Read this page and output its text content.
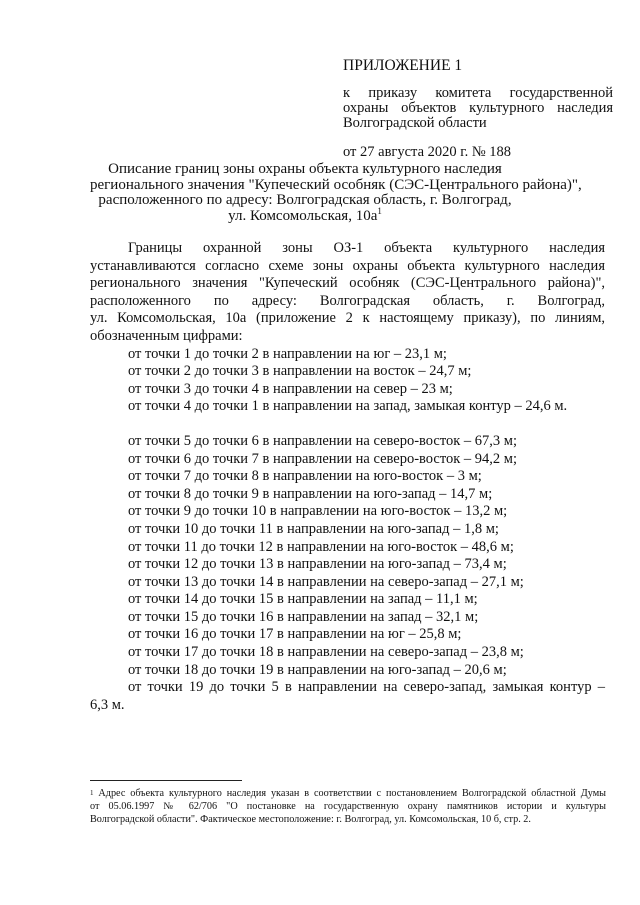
ПРИЛОЖЕНИЕ 1
к приказу комитета государственной
охраны объектов культурного наследия
Волгоградской области
от 27 августа 2020 г. № 188
Описание границ зоны охраны объекта культурного наследия
регионального значения "Купеческий особняк (СЭС-Центрального района)",
расположенного по адресу: Волгоградская область, г. Волгоград,
ул. Комсомольская, $10а^1$
Границы охранной зоны ОЗ-1 объекта культурного наследия
устанавливаются согласно схеме зоны охраны объекта культурного наследия
регионального значения "Купеческий особняк (СЭС-Центрального района)",
расположенного по адресу: Волгоградская область, г. Волгоград,
ул. Комсомольская, 10а (приложение 2 к настоящему приказу), по линиям,
обозначенным цифрами:
от точки 1 до точки 2 в направлении на юг – 23,1 м;
от точки 2 до точки 3 в направлении на восток – 24,7 м;
от точки 3 до точки 4 в направлении на север – 23 м;
от точки 4 до точки 1 в направлении на запад, замыкая контур – 24,6 м.
от точки 5 до точки 6 в направлении на северо-восток – 67,3 м;
от точки 6 до точки 7 в направлении на северо-восток – 94,2 м;
от точки 7 до точки 8 в направлении на юго-восток – 3 м;
от точки 8 до точки 9 в направлении на юго-запад – 14,7 м;
от точки 9 до точки 10 в направлении на юго-восток – 13,2 м;
от точки 10 до точки 11 в направлении на юго-запад – 1,8 м;
от точки 11 до точки 12 в направлении на юго-восток – 48,6 м;
от точки 12 до точки 13 в направлении на юго-запад – 73,4 м;
от точки 13 до точки 14 в направлении на северо-запад – 27,1 м;
от точки 14 до точки 15 в направлении на запад – 11,1 м;
от точки 15 до точки 16 в направлении на запад – 32,1 м;
от точки 16 до точки 17 в направлении на юг – 25,8 м;
от точки 17 до точки 18 в направлении на северо-запад – 23,8 м;
от точки 18 до точки 19 в направлении на юго-запад – 20,6 м;
от точки 19 до точки 5 в направлении на северо-запад, замыкая контур –
6,3 м.
$^1$ Адрес объекта культурного наследия указан в соответствии с постановлением Волгоградской областной Думы
от 05.06.1997 № 62/706 "О постановке на государственную охрану памятников истории и культуры
Волгоградской области". Фактическое местоположение: г. Волгоград, ул. Комсомольская, 10 б, стр. 2.
